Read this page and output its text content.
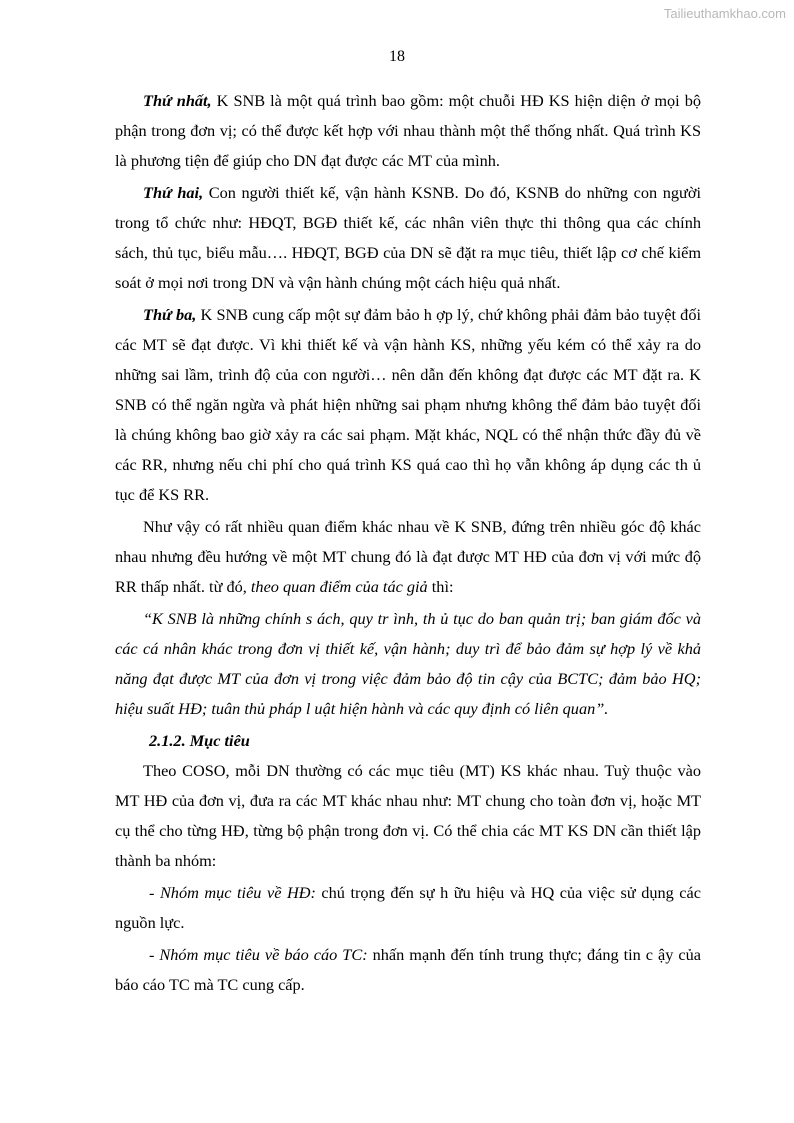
Tailieuthamkhao.com
18

Thứ nhất, K SNB là một quá trình bao gồm: một chuỗi HĐ KS hiện diện ở mọi bộ phận trong đơn vị; có thể được kết hợp với nhau thành một thể thống nhất. Quá trình KS là phương tiện để giúp cho DN đạt được các MT của mình.

Thứ hai, Con người thiết kế, vận hành KSNB. Do đó, KSNB do những con người trong tổ chức như: HĐQT, BGĐ thiết kế, các nhân viên thực thi thông qua các chính sách, thủ tục, biểu mẫu…. HĐQT, BGĐ của DN sẽ đặt ra mục tiêu, thiết lập cơ chế kiểm soát ở mọi nơi trong DN và vận hành chúng một cách hiệu quả nhất.

Thứ ba, K SNB cung cấp một sự đảm bảo h ợp lý, chứ không phải đảm bảo tuyệt đối các MT sẽ đạt được. Vì khi thiết kế và vận hành KS, những yếu kém có thể xảy ra do những sai lầm, trình độ của con người… nên dẫn đến không đạt được các MT đặt ra. K SNB có thể ngăn ngừa và phát hiện những sai phạm nhưng không thể đảm bảo tuyệt đối là chúng không bao giờ xảy ra các sai phạm. Mặt khác, NQL có thể nhận thức đầy đủ về các RR, nhưng nếu chi phí cho quá trình KS quá cao thì họ vẫn không áp dụng các th ủ tục để KS RR.

Như vậy có rất nhiều quan điểm khác nhau về K SNB, đứng trên nhiều góc độ khác nhau nhưng đều hướng về một MT chung đó là đạt được MT HĐ của đơn vị với mức độ RR thấp nhất. từ đó, theo quan điểm của tác giả thì:

“K SNB là những chính s ách, quy tr ình, th ủ tục do ban quản trị; ban giám đốc và các cá nhân khác trong đơn vị thiết kế, vận hành; duy trì để bảo đảm sự hợp lý về khả năng đạt được MT của đơn vị trong việc đảm bảo độ tin cậy của BCTC; đảm bảo HQ; hiệu suất HĐ; tuân thủ pháp l uật hiện hành và các quy định có liên quan”.

2.1.2. Mục tiêu

Theo COSO, mỗi DN thường có các mục tiêu (MT) KS khác nhau. Tuỳ thuộc vào MT HĐ của đơn vị, đưa ra các MT khác nhau như: MT chung cho toàn đơn vị, hoặc MT cụ thể cho từng HĐ, từng bộ phận trong đơn vị. Có thể chia các MT KS DN cần thiết lập thành ba nhóm:

- Nhóm mục tiêu về HĐ: chú trọng đến sự h ữu hiệu và HQ của việc sử dụng các nguồn lực.

- Nhóm mục tiêu về báo cáo TC: nhấn mạnh đến tính trung thực; đáng tin c ậy của báo cáo TC mà TC cung cấp.
